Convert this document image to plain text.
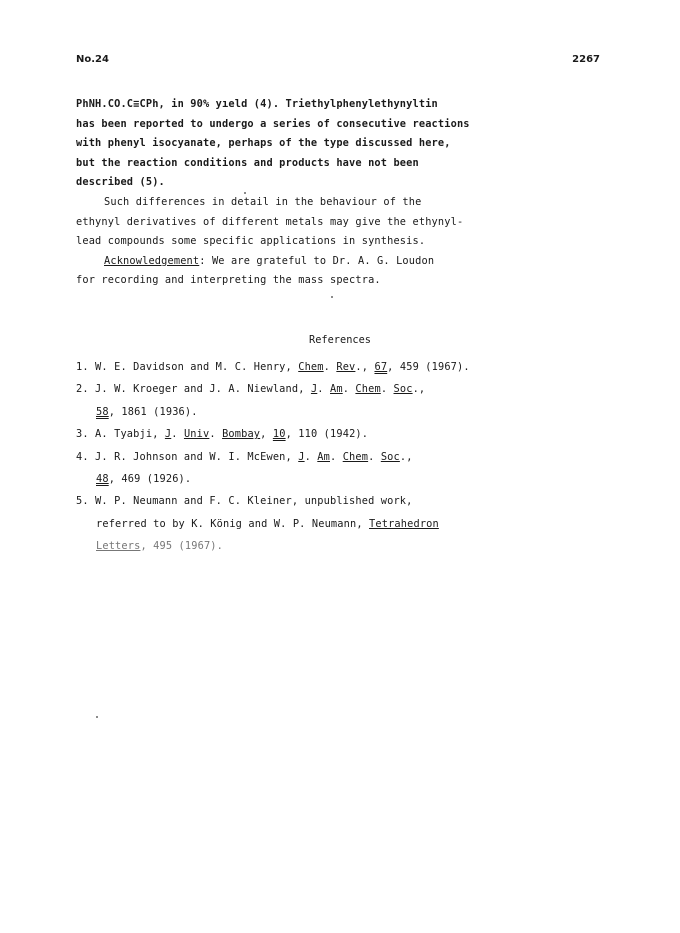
No.24	2267
PhNH.CO.C≡CPh, in 90% yıeld (4). Triethylphenylethynyltin
has been reported to undergo a series of consecutive reactions
with phenyl isocyanate, perhaps of the type discussed here,
but the reaction conditions and products have not been
described (5).
Such differences in detail in the behaviour of the
ethynyl derivatives of different metals may give the ethynyl-
lead compounds some specific applications in synthesis.
Acknowledgement: We are grateful to Dr. A. G. Loudon
for recording and interpreting the mass spectra.
References
1. W. E. Davidson and M. C. Henry, Chem. Rev., 67, 459 (1967).
2. J. W. Kroeger and J. A. Niewland, J. Am. Chem. Soc.,
58, 1861 (1936).
3. A. Tyabji, J. Univ. Bombay, 10, 110 (1942).
4. J. R. Johnson and W. I. McEwen, J. Am. Chem. Soc.,
48, 469 (1926).
5. W. P. Neumann and F. C. Kleiner, unpublished work,
referred to by K. König and W. P. Neumann, Tetrahedron
Letters, 495 (1967).
